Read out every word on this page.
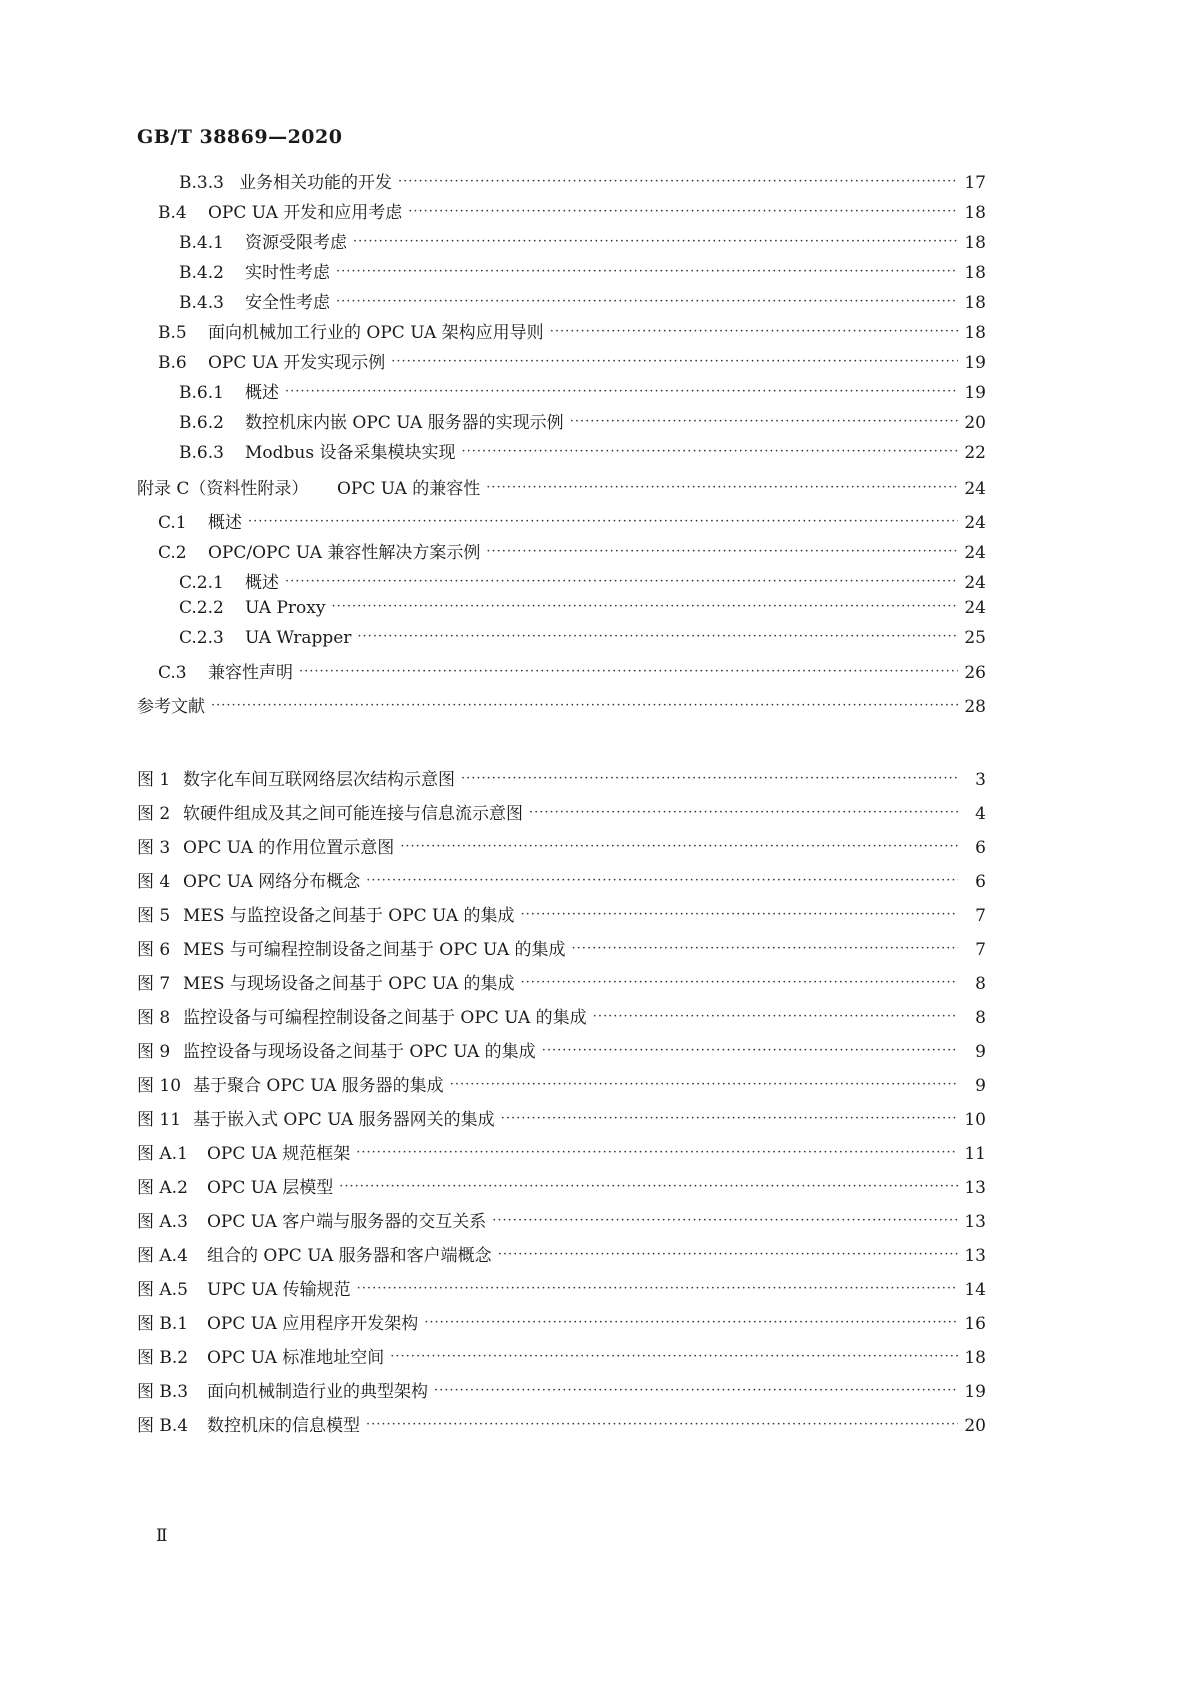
GB/T 38869—2020
B.3.3 业务相关功能的开发 ·····	17
B.4	OPC UA 开发和应用考虑 ·····	18
B.4.1	资源受限考虑 ·····	18
B.4.2	实时性考虑 ·····	18
B.4.3	安全性考虑 ·····	18
B.5	面向机械加工行业的 OPC UA 架构应用导则 ·····	18
B.6	OPC UA 开发实现示例 ·····	19
B.6.1	概述 ·····	19
B.6.2	数控机床内嵌 OPC UA 服务器的实现示例 ·····	20
B.6.3	Modbus 设备采集模块实现 ·····	22
附录 C（资料性附录）	OPC UA 的兼容性 ·····	24
C.1	概述 ·····	24
C.2	OPC/OPC UA 兼容性解决方案示例 ·····	24
C.2.1	概述 ·····	24
C.2.2	UA Proxy ·····	24
C.2.3	UA Wrapper ·····	25
C.3	兼容性声明 ·····	26
参考文献 ·····	28
图 1 数字化车间互联网络层次结构示意图 ·····	3
图 2 软硬件组成及其之间可能连接与信息流示意图 ·····	4
图 3 OPC UA 的作用位置示意图 ·····	6
图 4 OPC UA 网络分布概念 ·····	6
图 5 MES 与监控设备之间基于 OPC UA 的集成 ·····	7
图 6 MES 与可编程控制设备之间基于 OPC UA 的集成 ·····	7
图 7 MES 与现场设备之间基于 OPC UA 的集成 ·····	8
图 8 监控设备与可编程控制设备之间基于 OPC UA 的集成 ·····	8
图 9 监控设备与现场设备之间基于 OPC UA 的集成 ·····	9
图 10 基于聚合 OPC UA 服务器的集成 ·····	9
图 11 基于嵌入式 OPC UA 服务器网关的集成 ·····	10
图 A.1	OPC UA 规范框架 ·····	11
图 A.2	OPC UA 层模型 ·····	13
图 A.3	OPC UA 客户端与服务器的交互关系 ·····	13
图 A.4	组合的 OPC UA 服务器和客户端概念 ·····	13
图 A.5	UPC UA 传输规范 ·····	14
图 B.1	OPC UA 应用程序开发架构 ·····	16
图 B.2	OPC UA 标准地址空间 ·····	18
图 B.3	面向机械制造行业的典型架构 ·····	19
图 B.4	数控机床的信息模型 ·····	20
Ⅱ
